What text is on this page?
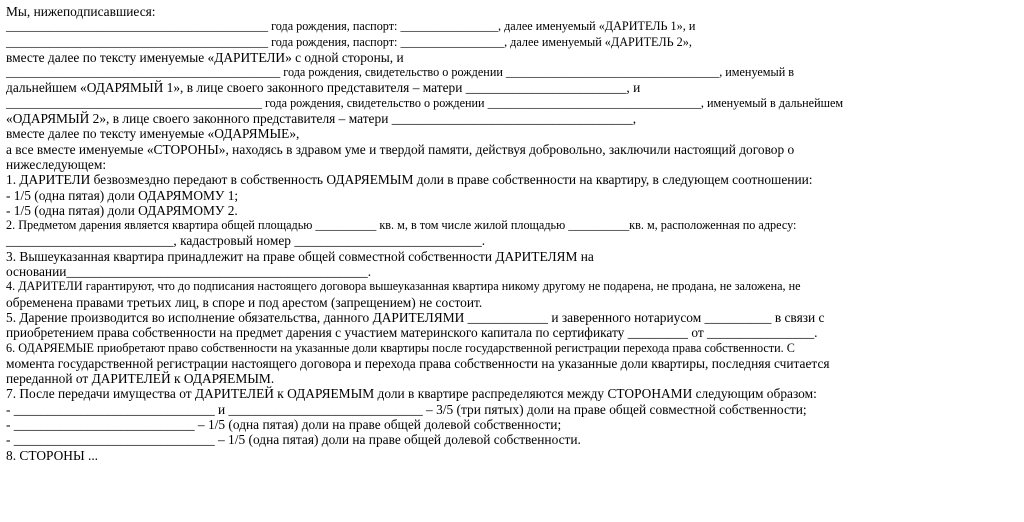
Мы, нижеподписавшиеся:
___________________________________________ года рождения, паспорт: ________________, далее именуемый «ДАРИТЕЛЬ 1», и
___________________________________________ года рождения, паспорт: _________________, далее именуемый «ДАРИТЕЛЬ 2»,
вместе далее по тексту именуемые «ДАРИТЕЛИ» с одной стороны, и
_____________________________________________ года рождения, свидетельство о рождении ___________________________________, именуемый в
дальнейшем «ОДАРЯМЫЙ 1», в лице своего законного представителя – матери ________________________, и
__________________________________________ года рождения, свидетельство о рождении ___________________________________, именуемый в дальнейшем
«ОДАРЯМЫЙ 2», в лице своего законного представителя – матери ____________________________________,
вместе далее по тексту именуемые «ОДАРЯМЫЕ»,
а все вместе именуемые «СТОРОНЫ», находясь в здравом уме и твердой памяти, действуя добровольно, заключили настоящий договор о
нижеследующем:
1. ДАРИТЕЛИ безвозмездно передают в собственность ОДАРЯЕМЫМ доли в праве собственности на квартиру, в следующем соотношении:
- 1/5 (одна пятая) доли ОДАРЯМОМУ 1;
- 1/5 (одна пятая) доли ОДАРЯМОМУ 2.
2. Предметом дарения является квартира общей площадью __________ кв. м, в том числе жилой площадью __________кв. м, расположенная по адресу:
_________________________, кадастровый номер ____________________________.
3. Вышеуказанная квартира принадлежит на праве общей совместной собственности ДАРИТЕЛЯМ на
основании_____________________________________________.
4. ДАРИТЕЛИ гарантируют, что до подписания настоящего договора вышеуказанная квартира никому другому не подарена, не продана, не заложена, не
обременена правами третьих лиц, в споре и под арестом (запрещением) не состоит.
5. Дарение производится во исполнение обязательства, данного ДАРИТЕЛЯМИ ____________ и заверенного нотариусом __________ в связи с
приобретением права собственности на предмет дарения с участием материнского капитала по сертификату _________ от ________________.
6. ОДАРЯЕМЫЕ приобретают право собственности на указанные доли квартиры после государственной регистрации перехода права собственности. С
момента государственной регистрации настоящего договора и перехода права собственности на указанные доли квартиры, последняя считается
переданной от ДАРИТЕЛЕЙ к ОДАРЯЕМЫМ.
7. После передачи имущества от ДАРИТЕЛЕЙ к ОДАРЯЕМЫМ доли в квартире распределяются между СТОРОНАМИ следующим образом:
- ______________________________ и _____________________________ – 3/5 (три пятых) доли на праве общей совместной собственности;
- ___________________________ – 1/5 (одна пятая) доли на праве общей долевой собственности;
- ______________________________ – 1/5 (одна пятая) доли на праве общей долевой собственности.
8. СТОРОНЫ ...
